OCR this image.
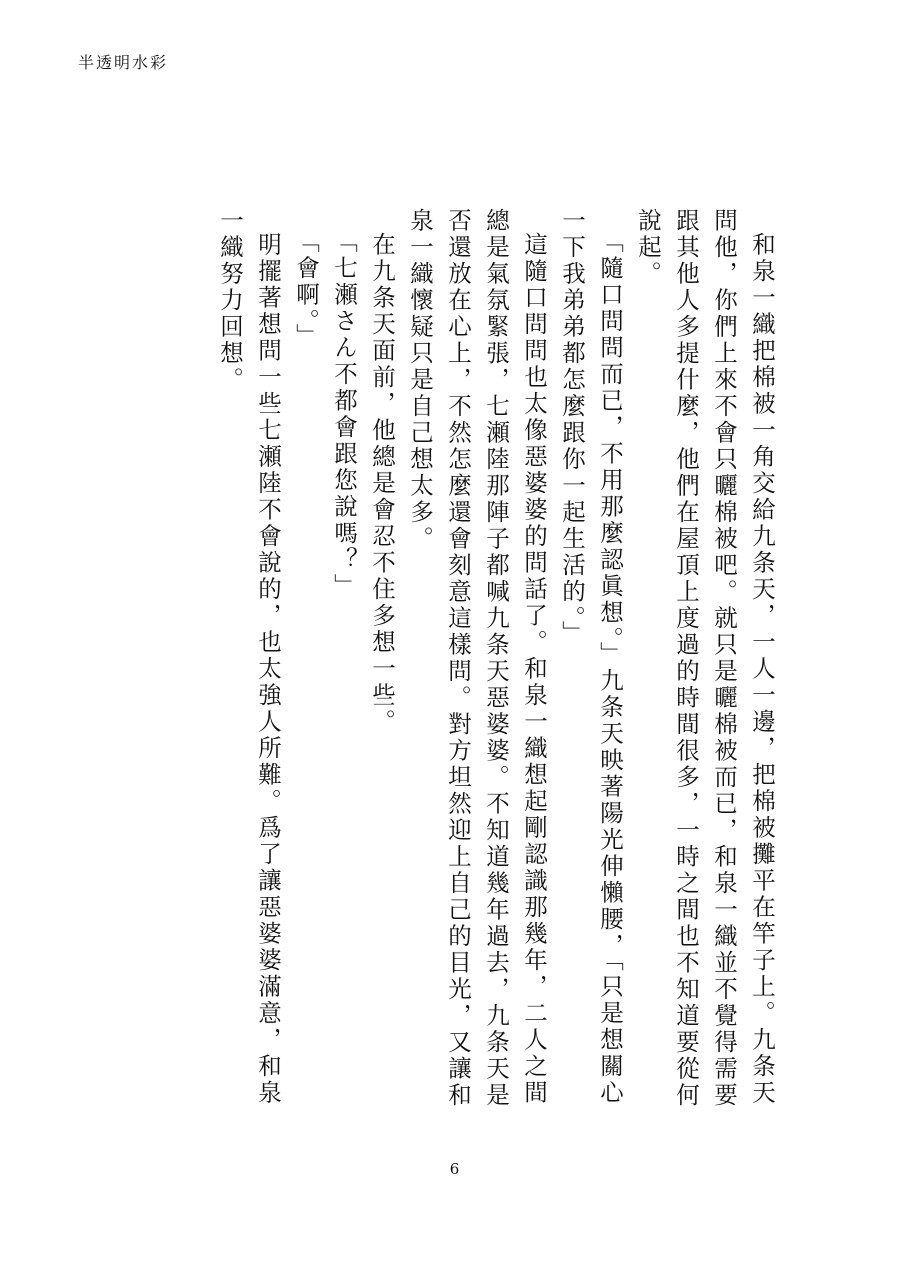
半透明水彩

和泉一織把棉被一角交給九条天，一人一邊，把棉被攤平在竿子上。九条天問他，你們上來不會只曬棉被吧。就只是曬棉被而已，和泉一織並不覺得需要跟其他人多提什麼，他們在屋頂上度過的時間很多，一時之間也不知道要從何說起。

「隨口問問而已，不用那麼認眞想。」九条天映著陽光伸懶腰，「只是想關心一下我弟弟都怎麼跟你一起生活的。」

這隨口問問也太像惡婆婆的問話了。和泉一織想起剛認識那幾年，二人之間總是氣氛緊張，七瀬陸那陣子都喊九条天惡婆婆。不知道幾年過去，九条天是否還放在心上，不然怎麼還會刻意這樣問。對方坦然迎上自己的目光，又讓和泉一織懷疑只是自己想太多。

在九条天面前，他總是會忍不住多想一些。

「七瀬さん不都會跟您說嗎？」

「會啊。」

明擺著想問一些七瀬陸不會說的，也太強人所難。爲了讓惡婆婆滿意，和泉一織努力回想。

6
